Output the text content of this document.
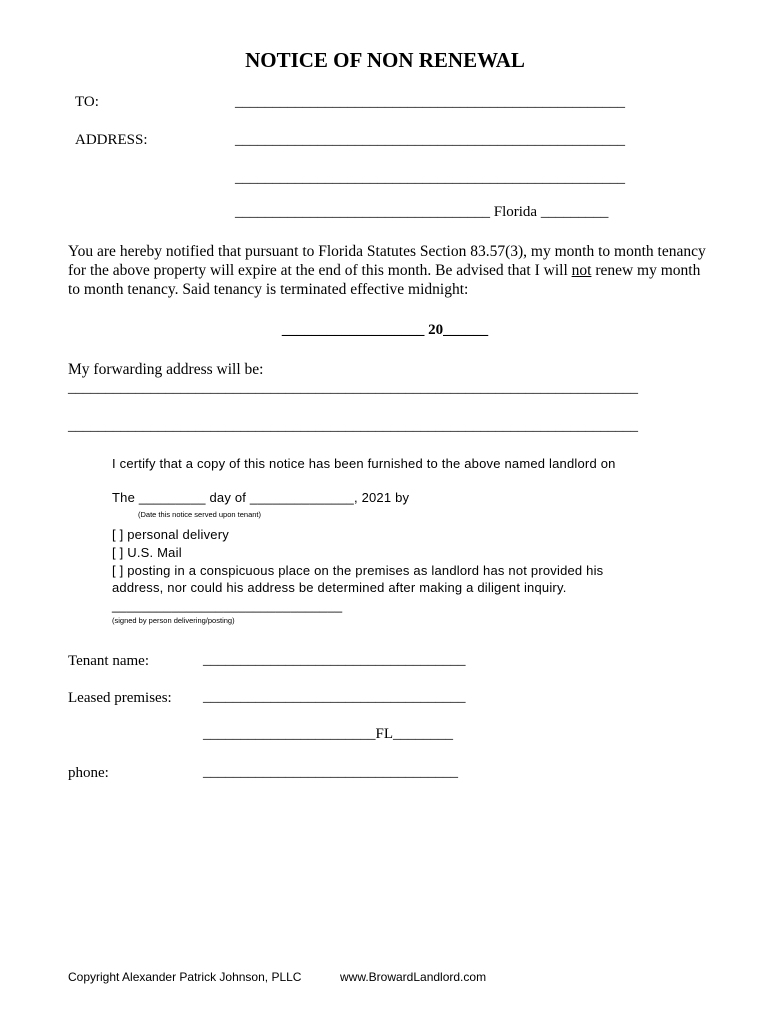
NOTICE OF NON RENEWAL
TO:	____________________________________________________
ADDRESS:	____________________________________________________
____________________________________________________
__________________________________ Florida _________
You are hereby notified that pursuant to Florida Statutes Section 83.57(3), my month to month tenancy for the above property will expire at the end of this month. Be advised that I will not renew my month to month tenancy. Said tenancy is terminated effective midnight:
___________________ 20______
My forwarding address will be:
____________________________________________________________________________
____________________________________________________________________________
I certify that a copy of this notice has been furnished to the above named landlord on
The _________ day of ______________, 2021 by
(Date this notice served upon tenant)
[ ] personal delivery
[ ] U.S. Mail
[ ] posting in a conspicuous place on the premises as landlord has not provided his
address, nor could his address be determined after making a diligent inquiry.
_______________________________
(signed by person delivering/posting)
Tenant name:	___________________________________
Leased premises: ___________________________________
_______________________FL________
phone:	__________________________________
Copyright Alexander Patrick Johnson, PLLC	www.BrowardLandlord.com
